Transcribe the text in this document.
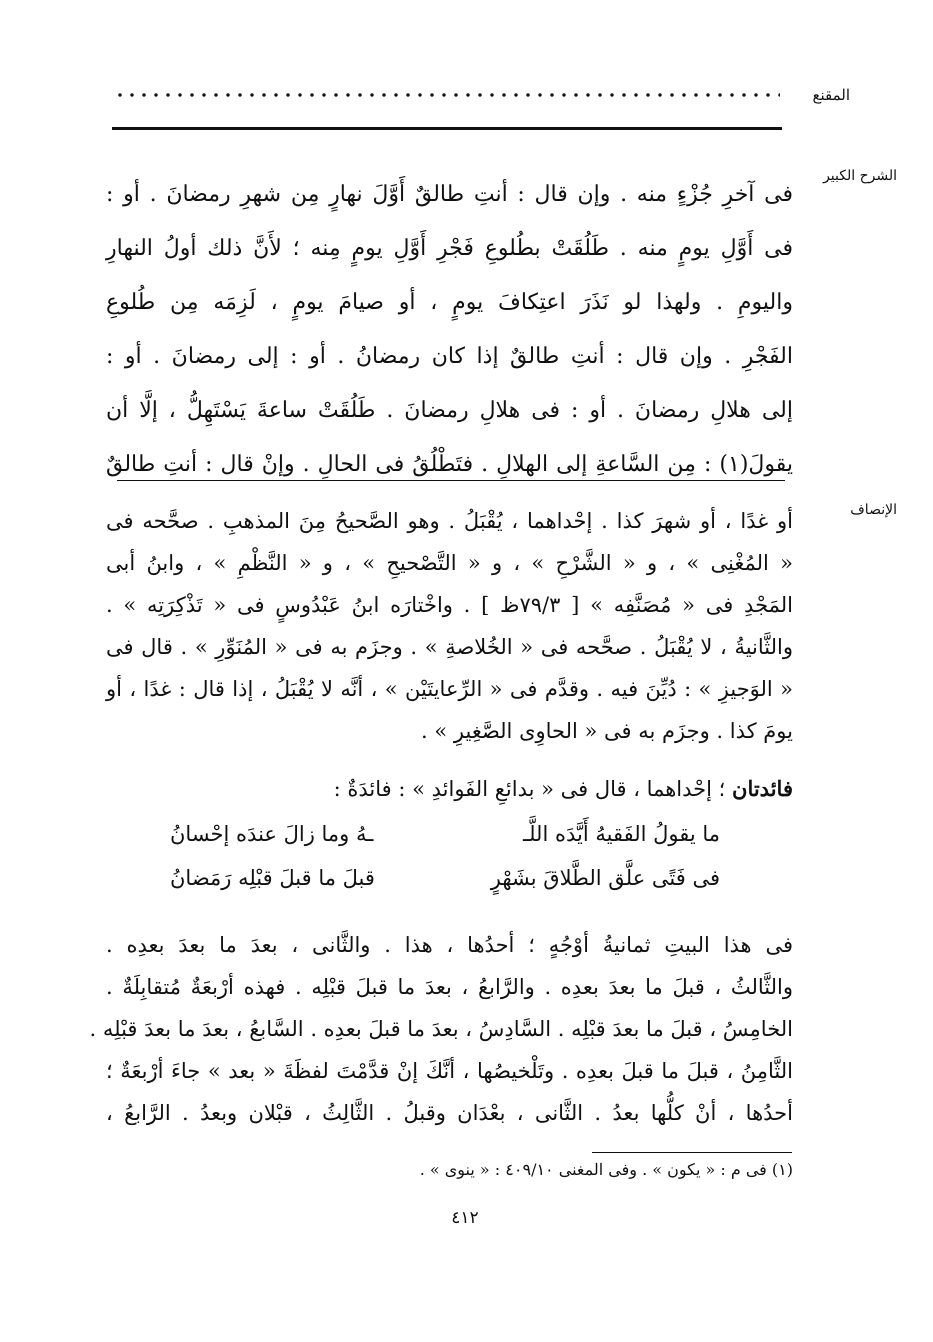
المقنع
الشرح الكبير
الإنصاف

فى آخرِ جُزْءٍ منه . وإن قال : أنتِ طالقٌ أَوَّلَ نهارٍ مِن شهرِ رمضانَ . أو :

فى أَوَّلِ يومٍ منه . طَلُقَتْ بطُلوعِ فَجْرِ أَوَّلِ يومٍ مِنه ؛ لأَنَّ ذلك أولُ النهارِ

واليومِ . ولهذا لو نَذَرَ اعتِكافَ يومٍ ، أو صيامَ يومٍ ، لَزِمَه مِن طُلوعِ

الفَجْرِ . وإن قال : أنتِ طالقٌ إذا كان رمضانُ . أو : إلى رمضانَ . أو :

إلى هلالِ رمضانَ . أو : فى هلالِ رمضانَ . طَلُقَتْ ساعةَ يَسْتَهِلُّ ، إلَّا أن

يقولَ(١) : مِن السَّاعةِ إلى الهلالِ . فتَطْلُقُ فى الحالِ . وإنْ قال : أنتِ طالقٌ

أو غدًا ، أو شهرَ كذا . إحْداهما ، يُقْبَلُ . وهو الصَّحيحُ مِنَ المذهبِ . صحَّحه فى

« المُغْنِى » ، و « الشَّرْحِ » ، و « التَّصْحيحِ » ، و « النَّظْمِ » ، وابنُ أبى

المَجْدِ فى « مُصَنَّفِه » [ ٧٩/٣ظ ] . واخْتارَه ابنُ عَبْدُوسٍ فى « تَذْكِرَتِه » .

والثَّانيةُ ، لا يُقْبَلُ . صحَّحه فى « الخُلاصةِ » . وجزَم به فى « المُنَوِّرِ » . قال فى

« الوَجيزِ » : دُيِّنَ فيه . وقدَّم فى « الرِّعايتَيْن » ، أنَّه لا يُقْبَلُ ، إذا قال : غدًا ، أو

يومَ كذا . وجزَم به فى « الحاوِى الصَّغِيرِ » .

فائدتان ؛ إحْداهما ، قال فى « بدائعِ الفَوائدِ » : فائدَةٌ :
ما يقولُ الفَقيهُ أَيَّدَه اللَّـ
ـهُ وما زالَ عندَه إحْسانُ
فى فَتًى علَّق الطَّلاقَ بشَهْرٍ
قبلَ ما قبلَ قبْلِه رَمَضانُ

فى هذا البيتِ ثمانيةُ أوْجُهٍ ؛ أحدُها ، هذا . والثَّانى ، بعدَ ما بعدَ بعدِه .

والثَّالثُ ، قبلَ ما بعدَ بعدِه . والرَّابعُ ، بعدَ ما قبلَ قبْلِه . فهذه أرْبعَةٌ مُتقابِلَةٌ .

الخامِسُ ، قبلَ ما بعدَ قبْلِه . السَّادِسُ ، بعدَ ما قبلَ بعدِه . السَّابعُ ، بعدَ ما بعدَ قبْلِه .

الثَّامِنُ ، قبلَ ما قبلَ بعدِه . وتَلْخيصُها ، أنَّكَ إنْ قدَّمْتَ لفظَةَ « بعد » جاءَ أرْبعَةٌ ؛

أحدُها ، أنْ كلُّها بعدُ . الثَّانى ، بعْدَان وقبلُ . الثَّالِثُ ، قبْلان وبعدُ . الرَّابعُ ،

(١) فى م : « يكون » . وفى المغنى ٤٠٩/١٠ : « ينوى » .
٤١٢
